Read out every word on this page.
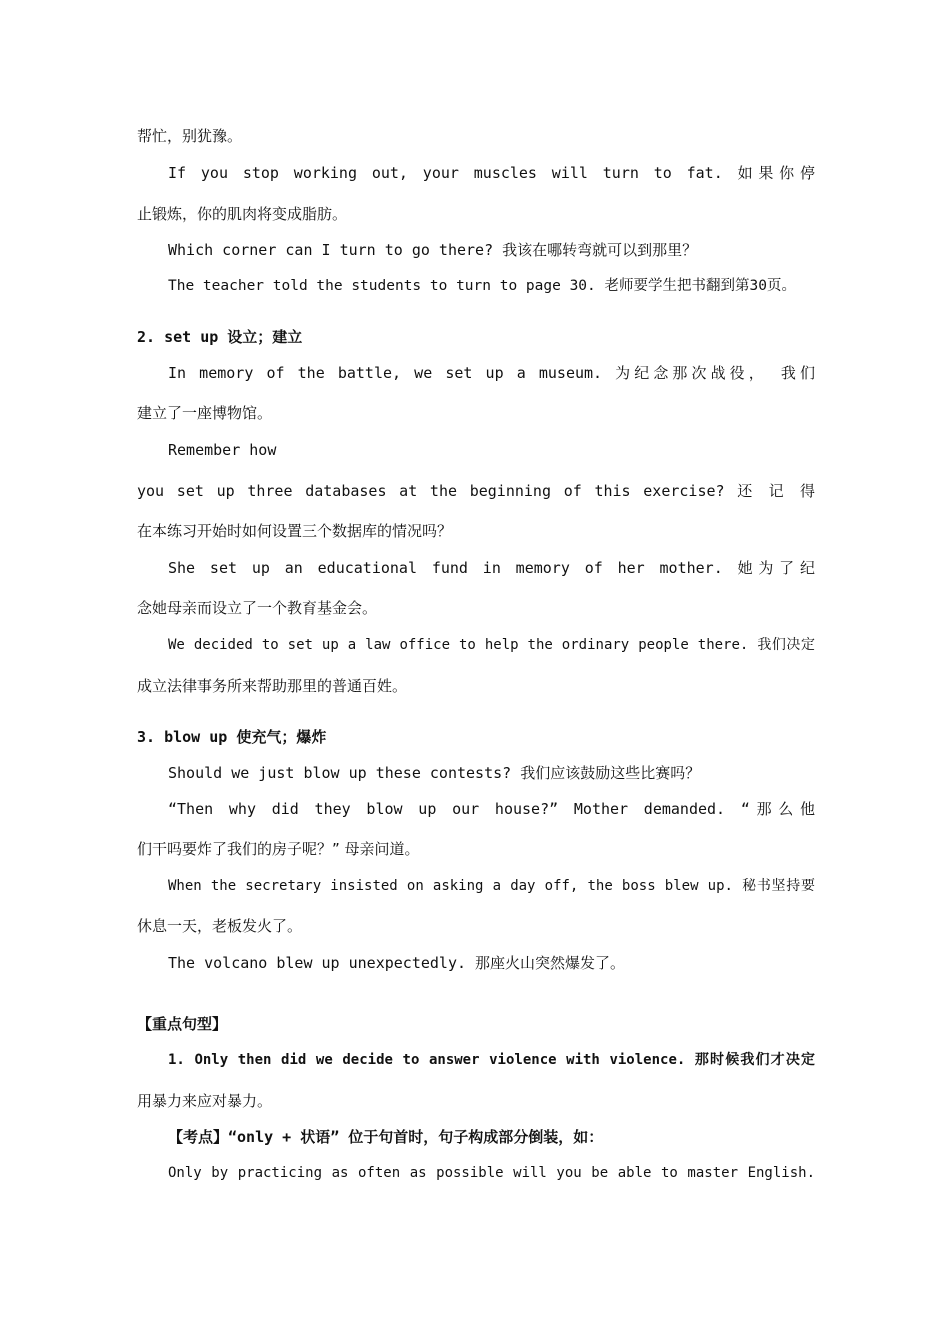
帮忙，别犹豫。
If you stop working out, your muscles will turn to fat. 如果你停
止锻炼，你的肌肉将变成脂肪。
Which corner can I turn to go there? 我该在哪转弯就可以到那里？
The teacher told the students to turn to page 30. 老师要学生把书翻到第30页。
2. set up 设立；建立
In memory of the battle, we set up a museum. 为纪念那次战役， 我们
建立了一座博物馆。
Remember how
you set up three databases at the beginning of this exercise? 还 记 得
在本练习开始时如何设置三个数据库的情况吗？
She set up an educational fund in memory of her mother. 她为了纪
念她母亲而设立了一个教育基金会。
We decided to set up a law office to help the ordinary people there. 我们决定
成立法律事务所来帮助那里的普通百姓。
3. blow up 使充气；爆炸
Should we just blow up these contests? 我们应该鼓励这些比赛吗？
“Then why did they blow up our house?” Mother demanded. “那么他
们干吗要炸了我们的房子呢？” 母亲问道。
When the secretary insisted on asking a day off, the boss blew up. 秘书坚持要
休息一天，老板发火了。
The volcano blew up unexpectedly. 那座火山突然爆发了。
【重点句型】
1. Only then did we decide to answer violence with violence. 那时候我们才决定
用暴力来应对暴力。
【考点】“only + 状语” 位于句首时，句子构成部分倒装，如：
Only by practicing as often as possible will you be able to master English.
